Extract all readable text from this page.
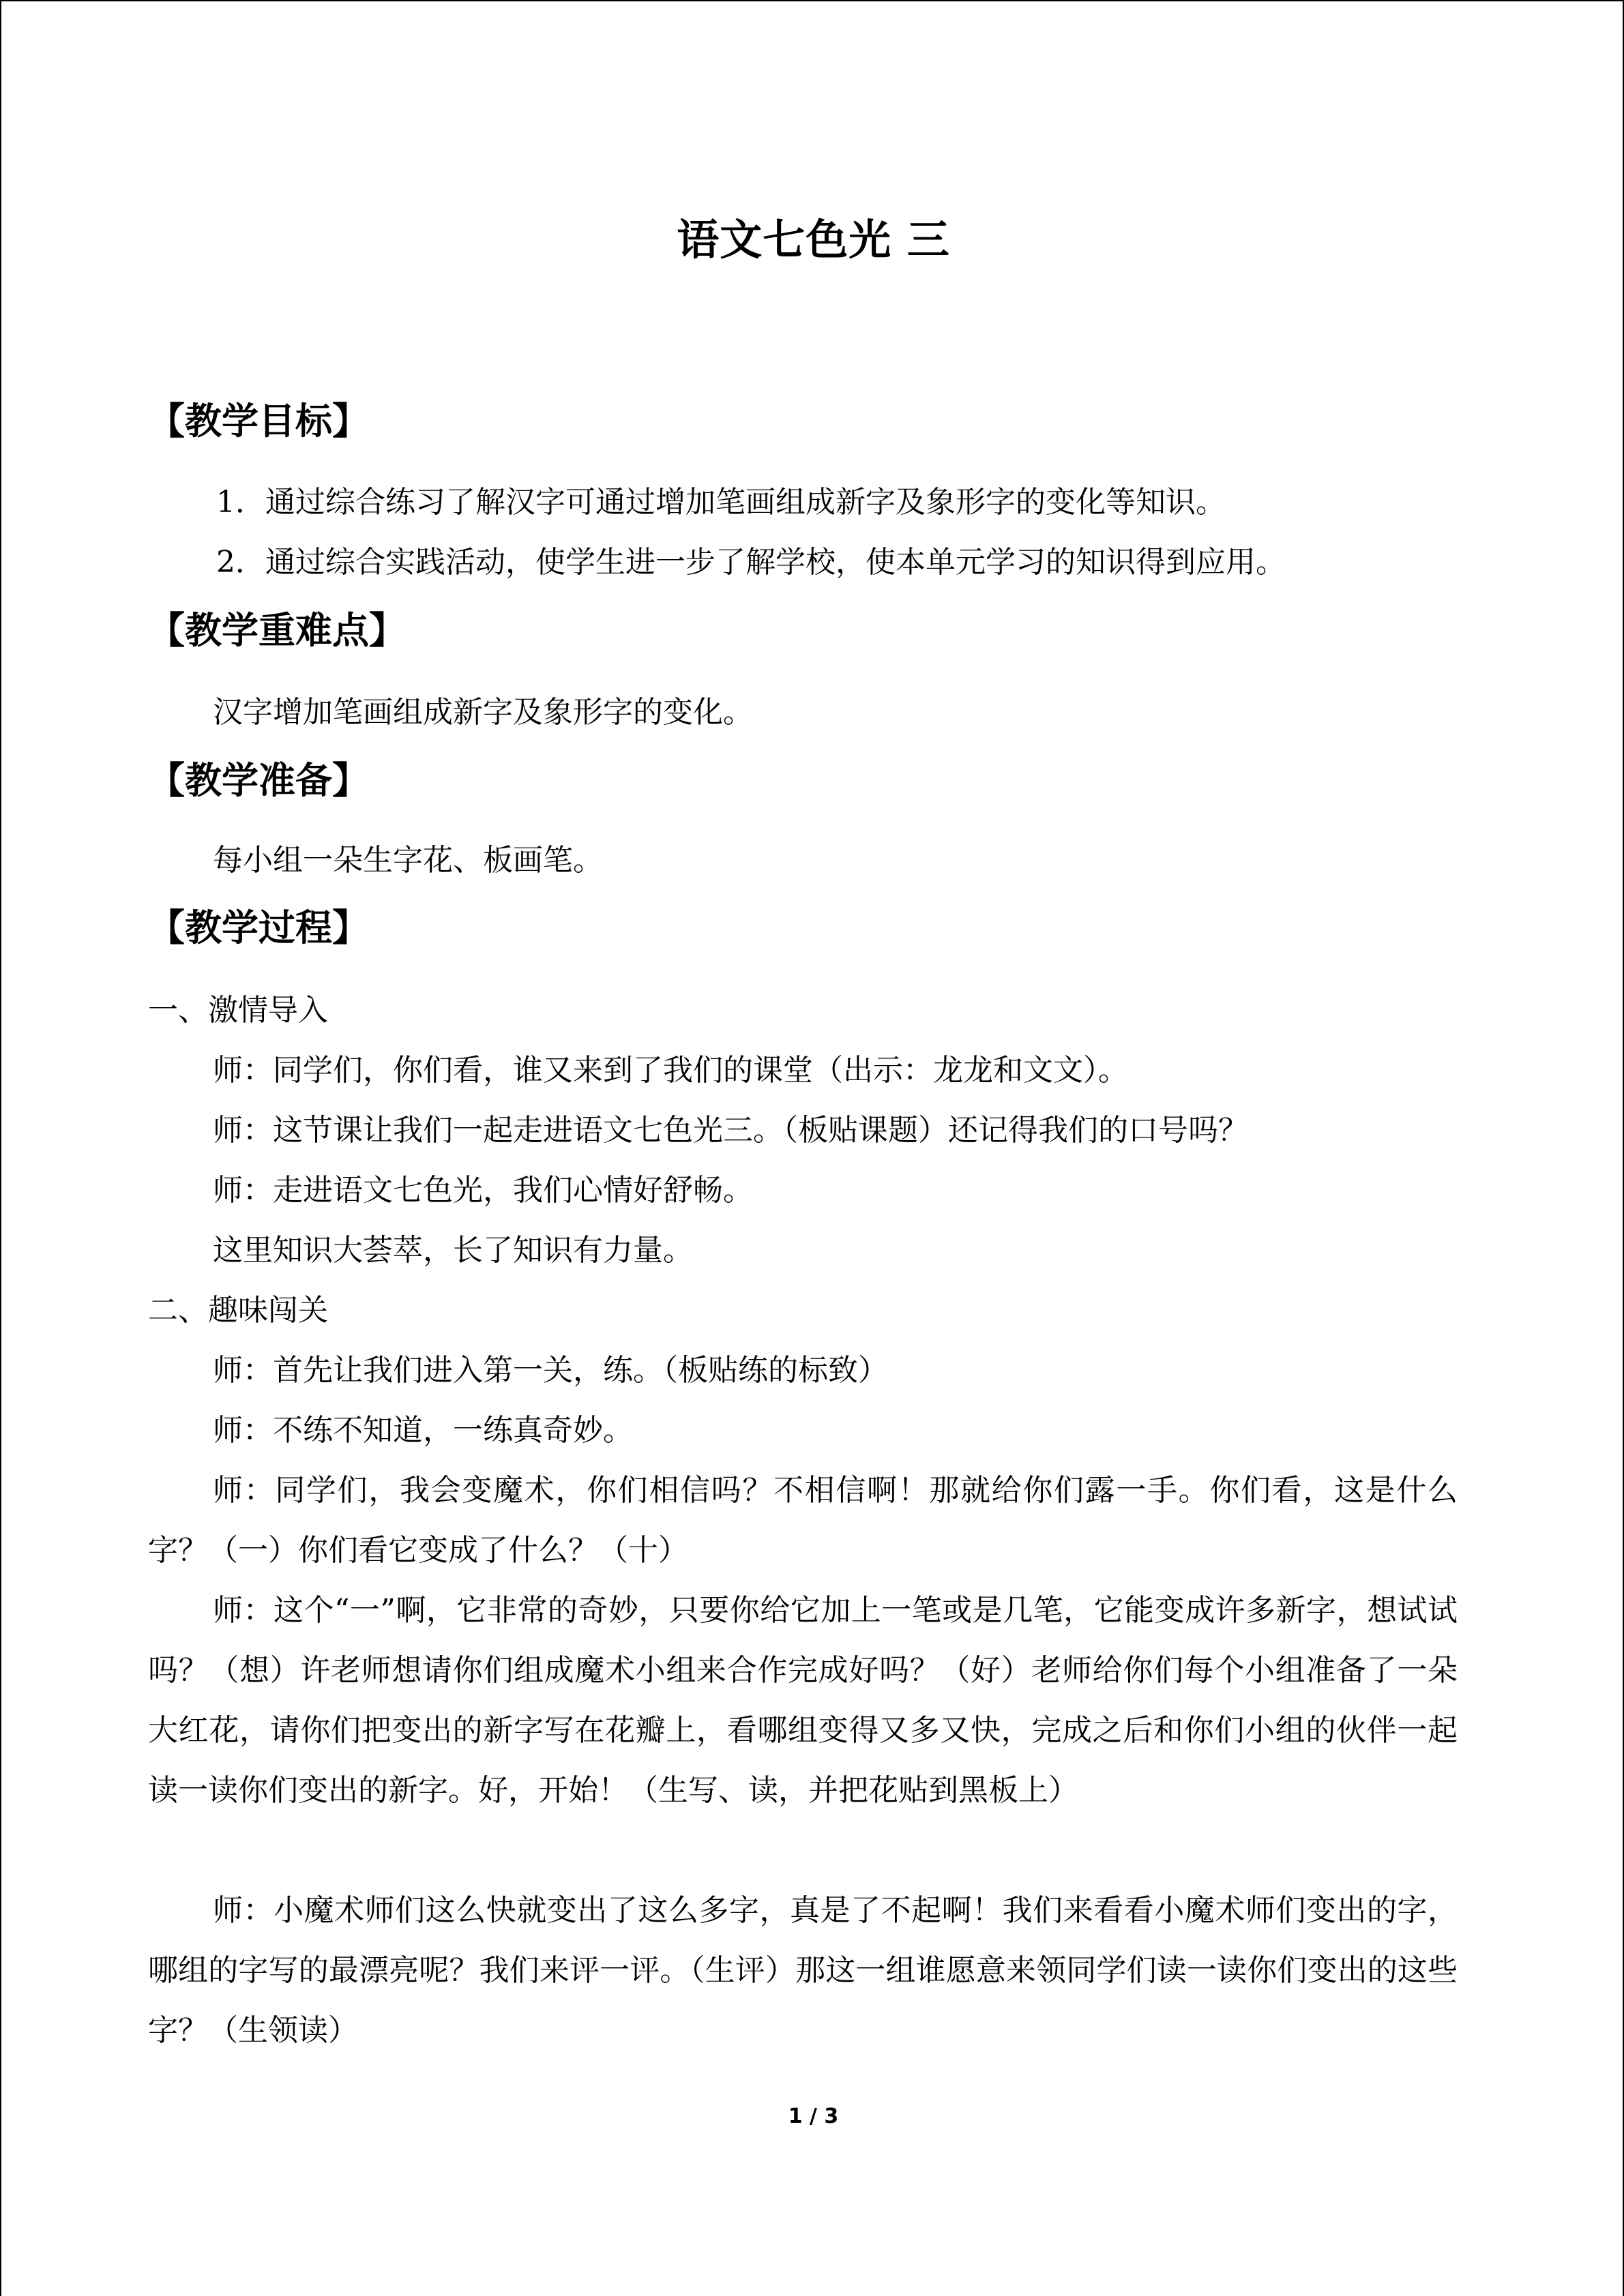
语文七色光 三
【教学目标】
1．通过综合练习了解汉字可通过增加笔画组成新字及象形字的变化等知识。
2．通过综合实践活动，使学生进一步了解学校，使本单元学习的知识得到应用。
【教学重难点】
汉字增加笔画组成新字及象形字的变化。
【教学准备】
每小组一朵生字花、板画笔。
【教学过程】
一、激情导入
师：同学们，你们看，谁又来到了我们的课堂（出示：龙龙和文文）。
师：这节课让我们一起走进语文七色光三。（板贴课题）还记得我们的口号吗？
师：走进语文七色光，我们心情好舒畅。
这里知识大荟萃，长了知识有力量。
二、趣味闯关
师：首先让我们进入第一关，练。（板贴练的标致）
师：不练不知道，一练真奇妙。
师：同学们，我会变魔术，你们相信吗？不相信啊！那就给你们露一手。你们看，这是什么字？（一）你们看它变成了什么？（十）
师：这个“一”啊，它非常的奇妙，只要你给它加上一笔或是几笔，它能变成许多新字，想试试吗？（想）许老师想请你们组成魔术小组来合作完成好吗？（好）老师给你们每个小组准备了一朵大红花，请你们把变出的新字写在花瓣上，看哪组变得又多又快，完成之后和你们小组的伙伴一起读一读你们变出的新字。好，开始！（生写、读，并把花贴到黑板上）
师：小魔术师们这么快就变出了这么多字，真是了不起啊！我们来看看小魔术师们变出的字，哪组的字写的最漂亮呢？我们来评一评。（生评）那这一组谁愿意来领同学们读一读你们变出的这些字？（生领读）
1 / 3
